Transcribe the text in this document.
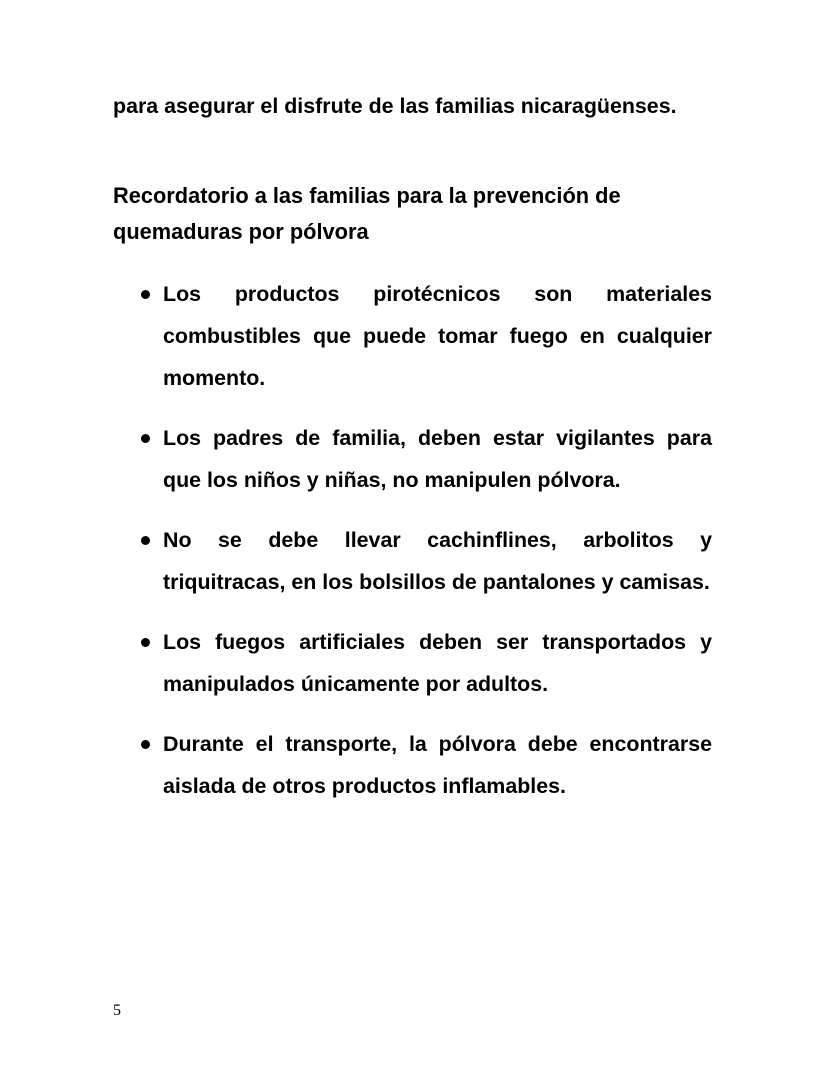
para asegurar el disfrute de las familias nicaragüenses.

Recordatorio a las familias para la prevención de quemaduras por pólvora
Los productos pirotécnicos son materiales combustibles que puede tomar fuego en cualquier momento.
Los padres de familia, deben estar vigilantes para que los niños y niñas, no manipulen pólvora.
No se debe llevar cachinflines, arbolitos y triquitracas, en los bolsillos de pantalones y camisas.
Los fuegos artificiales deben ser transportados y manipulados únicamente por adultos.
Durante el transporte, la pólvora debe encontrarse aislada de otros productos inflamables.
5
